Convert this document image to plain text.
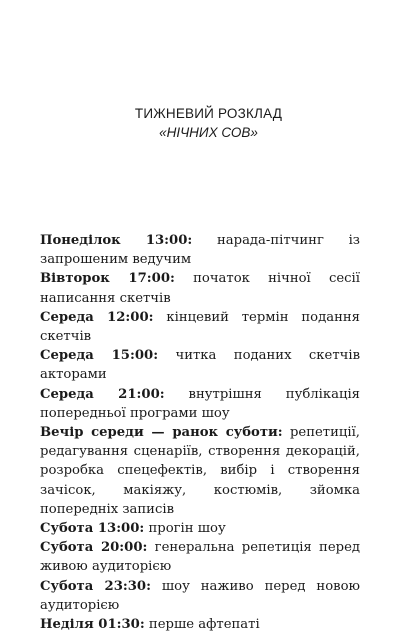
ТИЖНЕВИЙ РОЗКЛАД
«НІЧНИХ СОВ»

Понеділок 13:00: нарада-пітчинг із запрошеним ведучим

Вівторок 17:00: початок нічної сесії написання скетчів

Середа 12:00: кінцевий термін подання скетчів

Середа 15:00: читка поданих скетчів акторами

Середа 21:00: внутрішня публікація попередньої програми шоу

Вечір середи — ранок суботи: репетиції, редагування сценаріїв, створення декорацій, розробка спецефектів, вибір і створення зачісок, макіяжу, костюмів, зйомка попередніх записів

Субота 13:00: прогін шоу

Субота 20:00: генеральна репетиція перед живою аудиторією

Субота 23:30: шоу наживо перед новою аудиторією

Неділя 01:30: перше афтепаті
